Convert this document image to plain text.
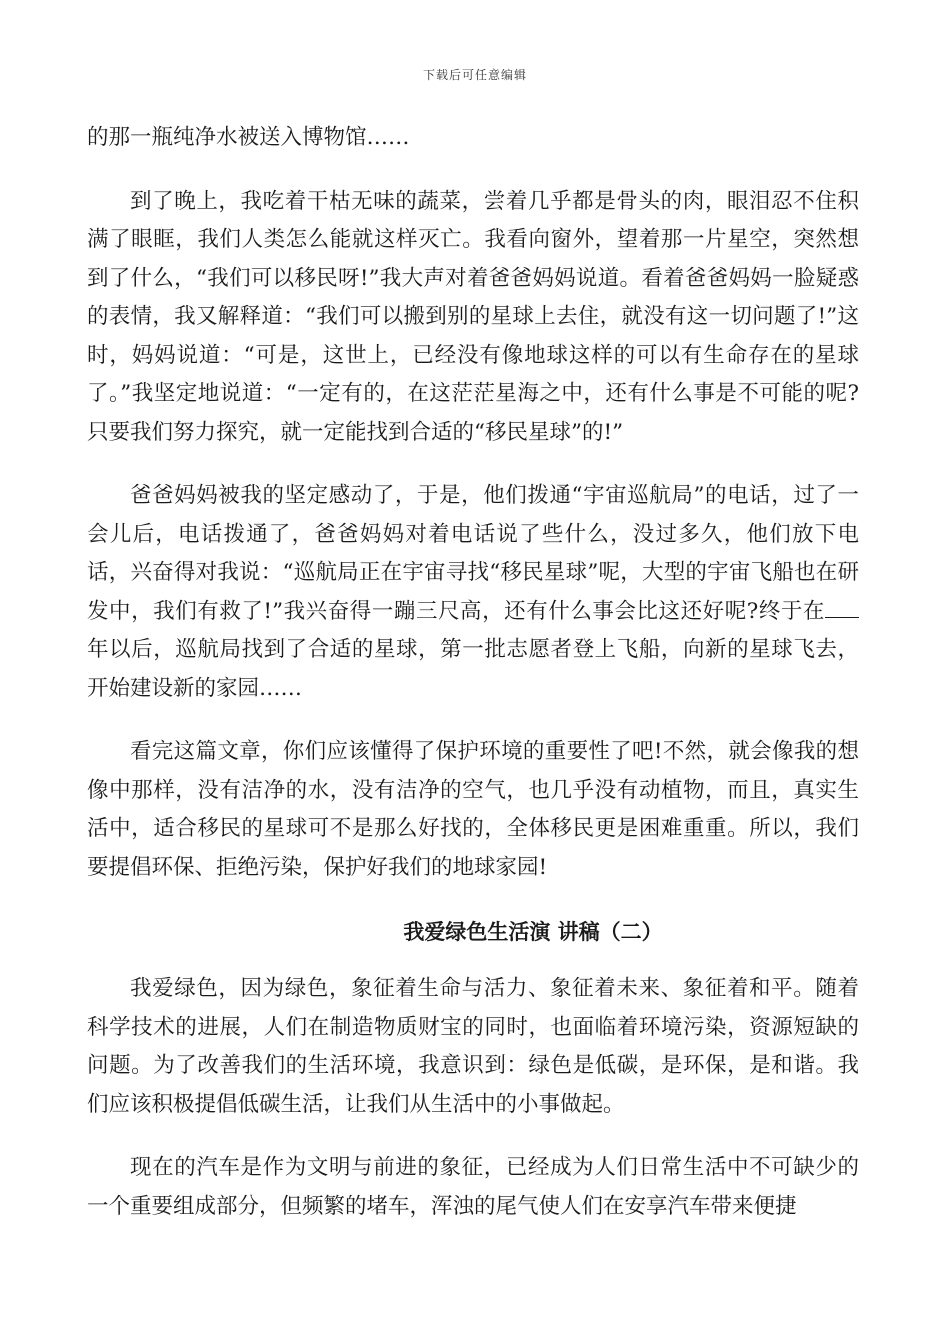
下载后可任意编辑

的那一瓶纯净水被送入博物馆……

到了晚上，我吃着干枯无味的蔬菜，尝着几乎都是骨头的肉，眼泪忍不住积满了眼眶，我们人类怎么能就这样灭亡。我看向窗外，望着那一片星空，突然想到了什么，“我们可以移民呀!”我大声对着爸爸妈妈说道。看着爸爸妈妈一脸疑惑的表情，我又解释道：“我们可以搬到别的星球上去住，就没有这一切问题了!”这时，妈妈说道：“可是，这世上，已经没有像地球这样的可以有生命存在的星球了。”我坚定地说道：“一定有的，在这茫茫星海之中，还有什么事是不可能的呢?只要我们努力探究，就一定能找到合适的“移民星球”的!”

爸爸妈妈被我的坚定感动了，于是，他们拨通“宇宙巡航局”的电话，过了一会儿后，电话拨通了，爸爸妈妈对着电话说了些什么，没过多久，他们放下电话，兴奋得对我说：“巡航局正在宇宙寻找“移民星球”呢，大型的宇宙飞船也在研发中，我们有救了!”我兴奋得一蹦三尺高，还有什么事会比这还好呢?终于在年以后，巡航局找到了合适的星球，第一批志愿者登上飞船，向新的星球飞去，开始建设新的家园……

看完这篇文章，你们应该懂得了保护环境的重要性了吧!不然，就会像我的想像中那样，没有洁净的水，没有洁净的空气，也几乎没有动植物，而且，真实生活中，适合移民的星球可不是那么好找的，全体移民更是困难重重。所以，我们要提倡环保、拒绝污染，保护好我们的地球家园!

我爱绿色生活演 讲稿（二）

我爱绿色，因为绿色，象征着生命与活力、象征着未来、象征着和平。随着科学技术的进展，人们在制造物质财宝的同时，也面临着环境污染，资源短缺的问题。为了改善我们的生活环境，我意识到：绿色是低碳，是环保，是和谐。我们应该积极提倡低碳生活，让我们从生活中的小事做起。

现在的汽车是作为文明与前进的象征，已经成为人们日常生活中不可缺少的一个重要组成部分，但频繁的堵车，浑浊的尾气使人们在安享汽车带来便捷
